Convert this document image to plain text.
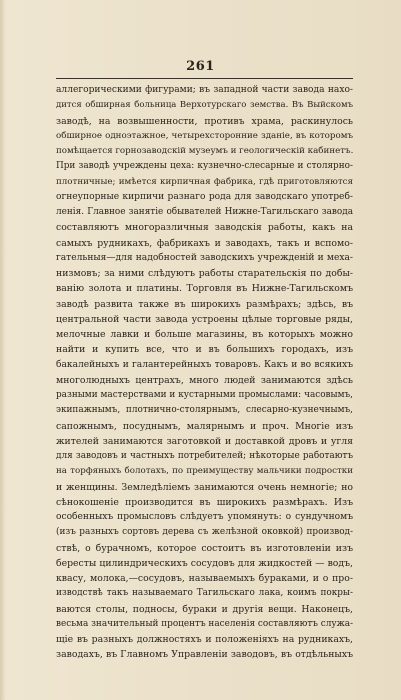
261
аллегорическими фигурами; въ западной части завода нахо-
дится обширная больница Верхотурскаго земства. Въ Выйскомъ
заводѣ, на возвышенности, противъ храма, раскинулось
обширное одноэтажное, четырехсторонние зданіе, въ которомъ
помѣщается горнозаводскій музеумъ и геологическій кабинетъ.
При заводѣ учреждены цеха: кузнечно-слесарные и столярно-
плотничные; имѣется кирпичная фабрика, гдѣ приготовляются
огнеупорные кирпичи разнаго рода для заводскаго употреб-
ленія. Главное занятіе обывателей Нижне-Тагильскаго завода
составляютъ многоразличныя заводскія работы, какъ на
самыхъ рудникахъ, фабрикахъ и заводахъ, такъ и вспомо-
гательныя—для надобностей заводскихъ учрежденій и меха-
низмовъ; за ними слѣдуютъ работы старательскія по добы-
ванію золота и платины. Торговля въ Нижне-Тагильскомъ
заводѣ развита также въ широкихъ размѣрахъ; здѣсь, въ
центральной части завода устроены цѣлые торговые ряды,
мелочные лавки и больше магазины, въ которыхъ можно
найти и купить все, что и въ большихъ городахъ, изъ
бакалейныхъ и галантерейныхъ товаровъ. Какъ и во всякихъ
многолюдныхъ центрахъ, много людей занимаются здѣсь
разными мастерствами и кустарными промыслами: часовымъ,
экипажнымъ, плотнично-столярнымъ, слесарно-кузнечнымъ,
сапожнымъ, посуднымъ, малярнымъ и проч. Многіе изъ
жителей занимаются заготовкой и доставкой дровъ и угля
для заводовъ и частныхъ потребителей; нѣкоторые работаютъ
на торфяныхъ болотахъ, по преимуществу мальчики подростки
и женщины. Земледѣліемъ занимаются очень немногіе; но
сѣнокошеніе производится въ широкихъ размѣрахъ. Изъ
особенныхъ промысловъ слѣдуетъ упомянуть: о сундучномъ
(изъ разныхъ сортовъ дерева съ желѣзной оковкой) производ-
ствѣ, о бурачномъ, которое состоитъ въ изготовленіи изъ
бересты цилиндрическихъ сосудовъ для жидкостей — водъ,
квасу, молока,—сосудовъ, называемыхъ бураками, и о про-
изводствѣ такъ называемаго Тагильскаго лака, коимъ покры-
ваются столы, подносы, бураки и другія вещи. Наконецъ,
весьма значительный процентъ населенія составляютъ служа-
щіе въ разныхъ должностяхъ и положеніяхъ на рудникахъ,
заводахъ, въ Главномъ Управленіи заводовъ, въ отдѣльныхъ
